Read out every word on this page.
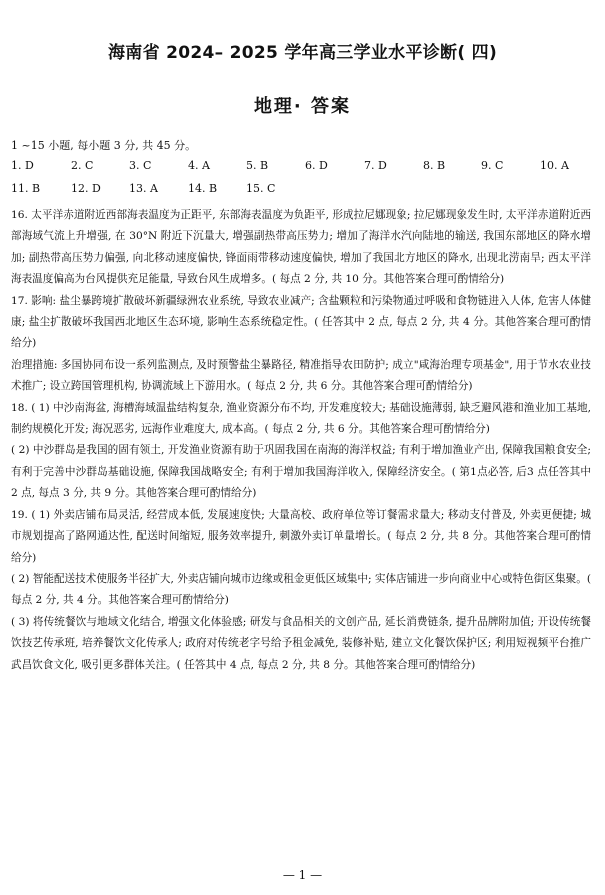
海南省 2024– 2025 学年高三学业水平诊断( 四)
地理· 答案
1 ~15 小题, 每小题 3 分, 共 45 分。
1. D	2. C	3. C	4. A	5. B	6. D	7. D	8. B	9. C	10. A
11. B	12. D	13. A	14. B	15. C
16. 太平洋赤道附近西部海表温度为正距平, 东部海表温度为负距平, 形成拉尼娜现象; 拉尼娜现象发生时, 太平洋赤道附近西部海域气流上升增强, 在 30°N 附近下沉量大, 增强副热带高压势力; 增加了海洋水汽向陆地的输送, 我国东部地区的降水增加; 副热带高压势力偏强, 向北移动速度偏快, 锋面雨带移动速度偏快, 增加了我国北方地区的降水, 出现北涝南旱; 西太平洋海表温度偏高为台风提供充足能量, 导致台风生成增多。( 每点 2 分, 共 10 分。其他答案合理可酌情给分)
17. 影响: 盐尘暴跨境扩散破坏新疆绿洲农业系统, 导致农业减产; 含盐颗粒和污染物通过呼吸和食物链进入人体, 危害人体健康; 盐尘扩散破坏我国西北地区生态环境, 影响生态系统稳定性。( 任答其中 2 点, 每点 2 分, 共 4 分。其他答案合理可酌情给分)
治理措施: 多国协同布设一系列监测点, 及时预警盐尘暴路径, 精准指导农田防护; 成立"咸海治理专项基金", 用于节水农业技术推广; 设立跨国管理机构, 协调流域上下游用水。( 每点 2 分, 共 6 分。其他答案合理可酌情给分)
18. ( 1) 中沙南海盆, 海槽海域温盐结构复杂, 渔业资源分布不均, 开发难度较大; 基础设施薄弱, 缺乏避风港和渔业加工基地, 制约规模化开发; 海况恶劣, 远海作业难度大, 成本高。( 每点 2 分, 共 6 分。其他答案合理可酌情给分)
( 2) 中沙群岛是我国的固有领土, 开发渔业资源有助于巩固我国在南海的海洋权益; 有利于增加渔业产出, 保障我国粮食安全; 有利于完善中沙群岛基础设施, 保障我国战略安全; 有利于增加我国海洋收入, 保障经济安全。( 第1点必答, 后3 点任答其中 2 点, 每点 3 分, 共 9 分。其他答案合理可酌情给分)
19. ( 1) 外卖店铺布局灵活, 经营成本低, 发展速度快; 大量高校、政府单位等订餐需求量大; 移动支付普及, 外卖更便捷; 城市规划提高了路网通达性, 配送时间缩短, 服务效率提升, 刺激外卖订单量增长。( 每点 2 分, 共 8 分。其他答案合理可酌情给分)
( 2) 智能配送技术使服务半径扩大, 外卖店铺向城市边缘或租金更低区域集中; 实体店铺进一步向商业中心或特色街区集聚。( 每点 2 分, 共 4 分。其他答案合理可酌情给分)
( 3) 将传统餐饮与地域文化结合, 增强文化体验感; 研发与食品相关的文创产品, 延长消费链条, 提升品牌附加值; 开设传统餐饮技艺传承班, 培养餐饮文化传承人; 政府对传统老字号给予租金减免, 装修补贴, 建立文化餐饮保护区; 利用短视频平台推广武昌饮食文化, 吸引更多群体关注。( 任答其中 4 点, 每点 2 分, 共 8 分。其他答案合理可酌情给分)
— 1 —
